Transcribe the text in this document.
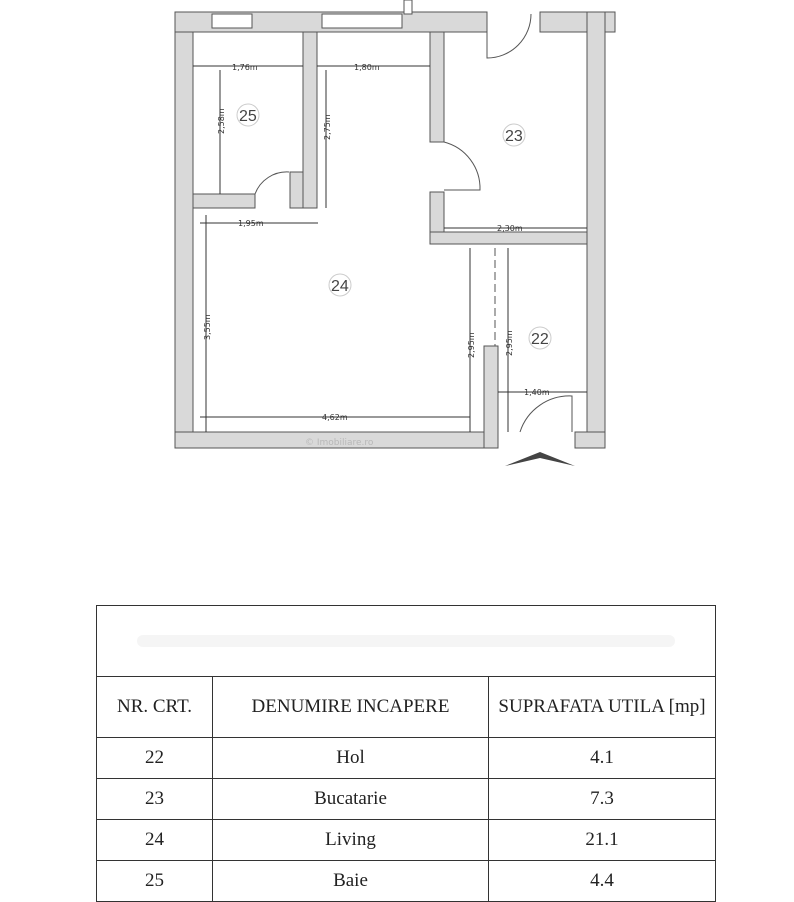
1,76m	1,80m
2,58m	2,75m
1,95m
2,30m
3,55m
4,62m
2,95m	2,95m
1,40m
25
23
24
22
© Imobiliare.ro

NR. CRT.	DENUMIRE INCAPERE	SUPRAFATA UTILA [mp]
22	Hol	4.1
23	Bucatarie	7.3
24	Living	21.1
25	Baie	4.4
